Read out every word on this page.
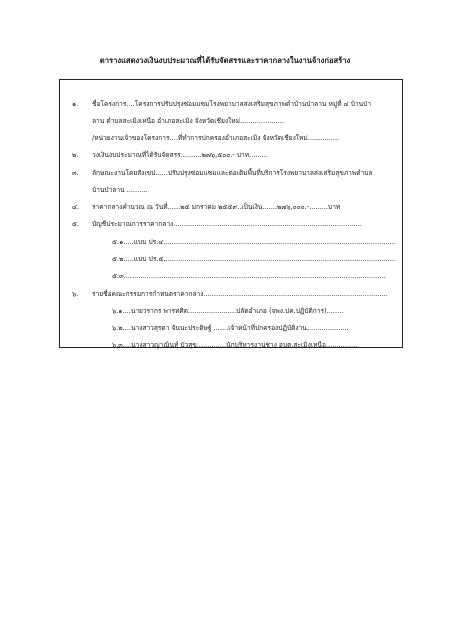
ตารางแสดงวงเงินงบประมาณที่ได้รับจัดสรรและราคากลางในงานจ้างก่อสร้าง
๑. ชื่อโครงการ....โครงการปรับปรุงซ่อมแซมโรงพยาบาลส่งเสริมสุขภาพตำบ้านป่าลาน หมู่ที่ ๔ บ้านป่า
ลาน ตำบลสะเมิงเหนือ อำเภอสะเมิง จังหวัดเชียงใหม่.....................
/หน่วยงานเจ้าของโครงการ....ที่ทำการปกครองอำเภอสะเมิง จังหวัดเชียงใหม่...............
๒. วงเงินงบประมาณที่ได้รับจัดสรร..........๒๗๖,๕๐๐.- บาท.........
๓. ลักษณะงานโดยสังเขป......ปรับปรุงซ่อมแซมและต่อเติมพื้นที่บริการโรงพยาบาลส่งเสริมสุขภาพตำบล
บ้านป่าลาน ..........
๔. ราคากลางคำนวณ ณ วันที่......๒๕ มกราคม ๒๕๕๙..เป็นเงิน.......๒๗๖,๐๐๐.-.........บาท
๕. บัญชีประมาณการราคากลาง..........................................................................................
๕.๑.....แบบ ปร.๔...............................................................................................................
๕.๒.....แบบ ปร.๕...............................................................................................................
๕.๓.............................................................................................................................
๖. รายชื่อคณะกรรมการกำหนดราคากลาง........................................................................................
๖.๑....นายวรากร พารทศิต.......................ปลัดอำเภอ (จพง.ปค.ปฏิบัติการ)........
๖.๒....นางสาวสุรดา จันนะประดิษฐ์ .......เจ้าหน้าที่ปกครองปฏิบัติงาน....................
๖.๓....นางสาวญาณินท์ บัวสุข..............นักบริหารงานช่าง อบต.สะเมิงเหนือ...............
